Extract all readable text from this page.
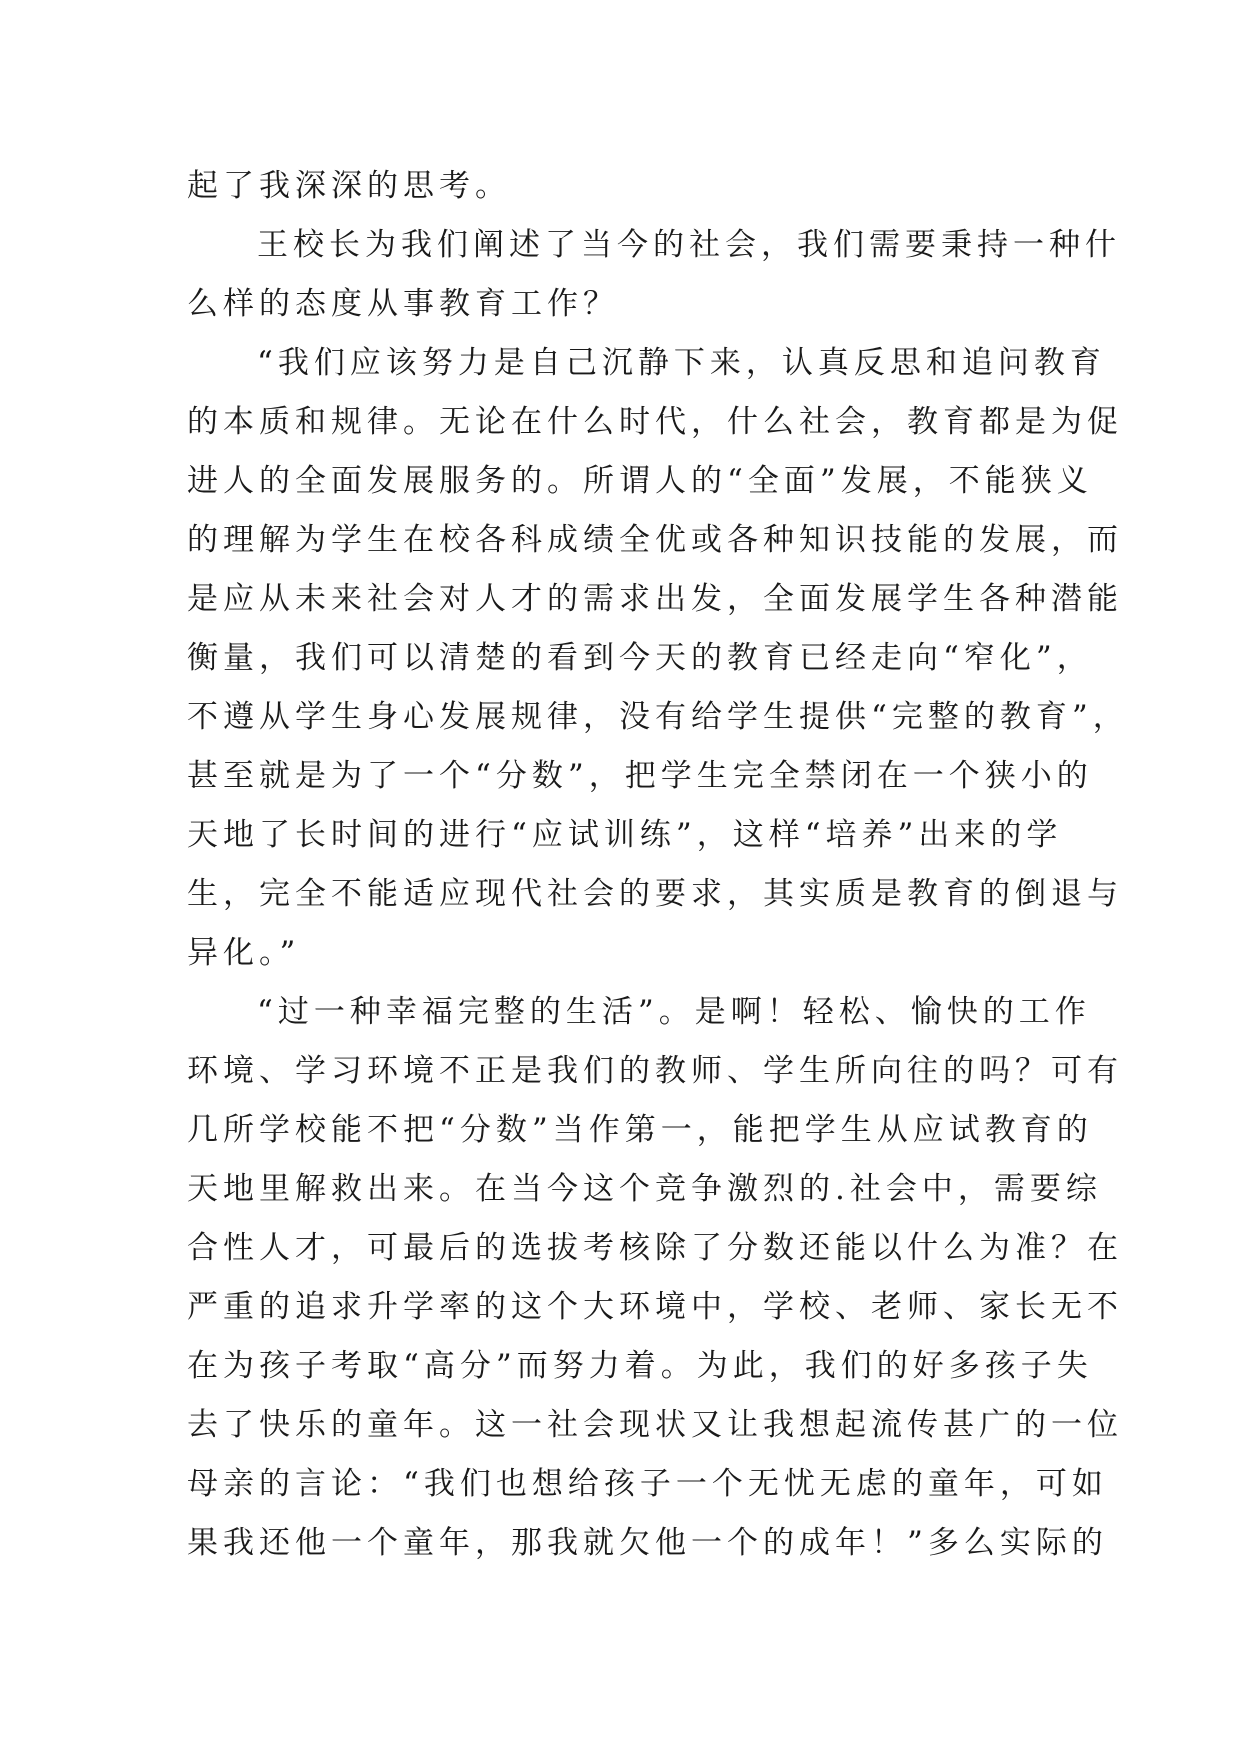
起了我深深的思考。
王校长为我们阐述了当今的社会，我们需要秉持一种什
么样的态度从事教育工作？
“我们应该努力是自己沉静下来，认真反思和追问教育
的本质和规律。无论在什么时代，什么社会，教育都是为促
进人的全面发展服务的。所谓人的“全面”发展，不能狭义
的理解为学生在校各科成绩全优或各种知识技能的发展，而
是应从未来社会对人才的需求出发，全面发展学生各种潜能
衡量，我们可以清楚的看到今天的教育已经走向“窄化”，
不遵从学生身心发展规律，没有给学生提供“完整的教育”，
甚至就是为了一个“分数”，把学生完全禁闭在一个狭小的
天地了长时间的进行“应试训练”，这样“培养”出来的学
生，完全不能适应现代社会的要求，其实质是教育的倒退与
异化。”
“过一种幸福完整的生活”。是啊！轻松、愉快的工作
环境、学习环境不正是我们的教师、学生所向往的吗？可有
几所学校能不把“分数”当作第一，能把学生从应试教育的
天地里解救出来。在当今这个竞争激烈的.社会中，需要综
合性人才，可最后的选拔考核除了分数还能以什么为准？在
严重的追求升学率的这个大环境中，学校、老师、家长无不
在为孩子考取“高分”而努力着。为此，我们的好多孩子失
去了快乐的童年。这一社会现状又让我想起流传甚广的一位
母亲的言论：“我们也想给孩子一个无忧无虑的童年，可如
果我还他一个童年，那我就欠他一个的成年！”多么实际的
